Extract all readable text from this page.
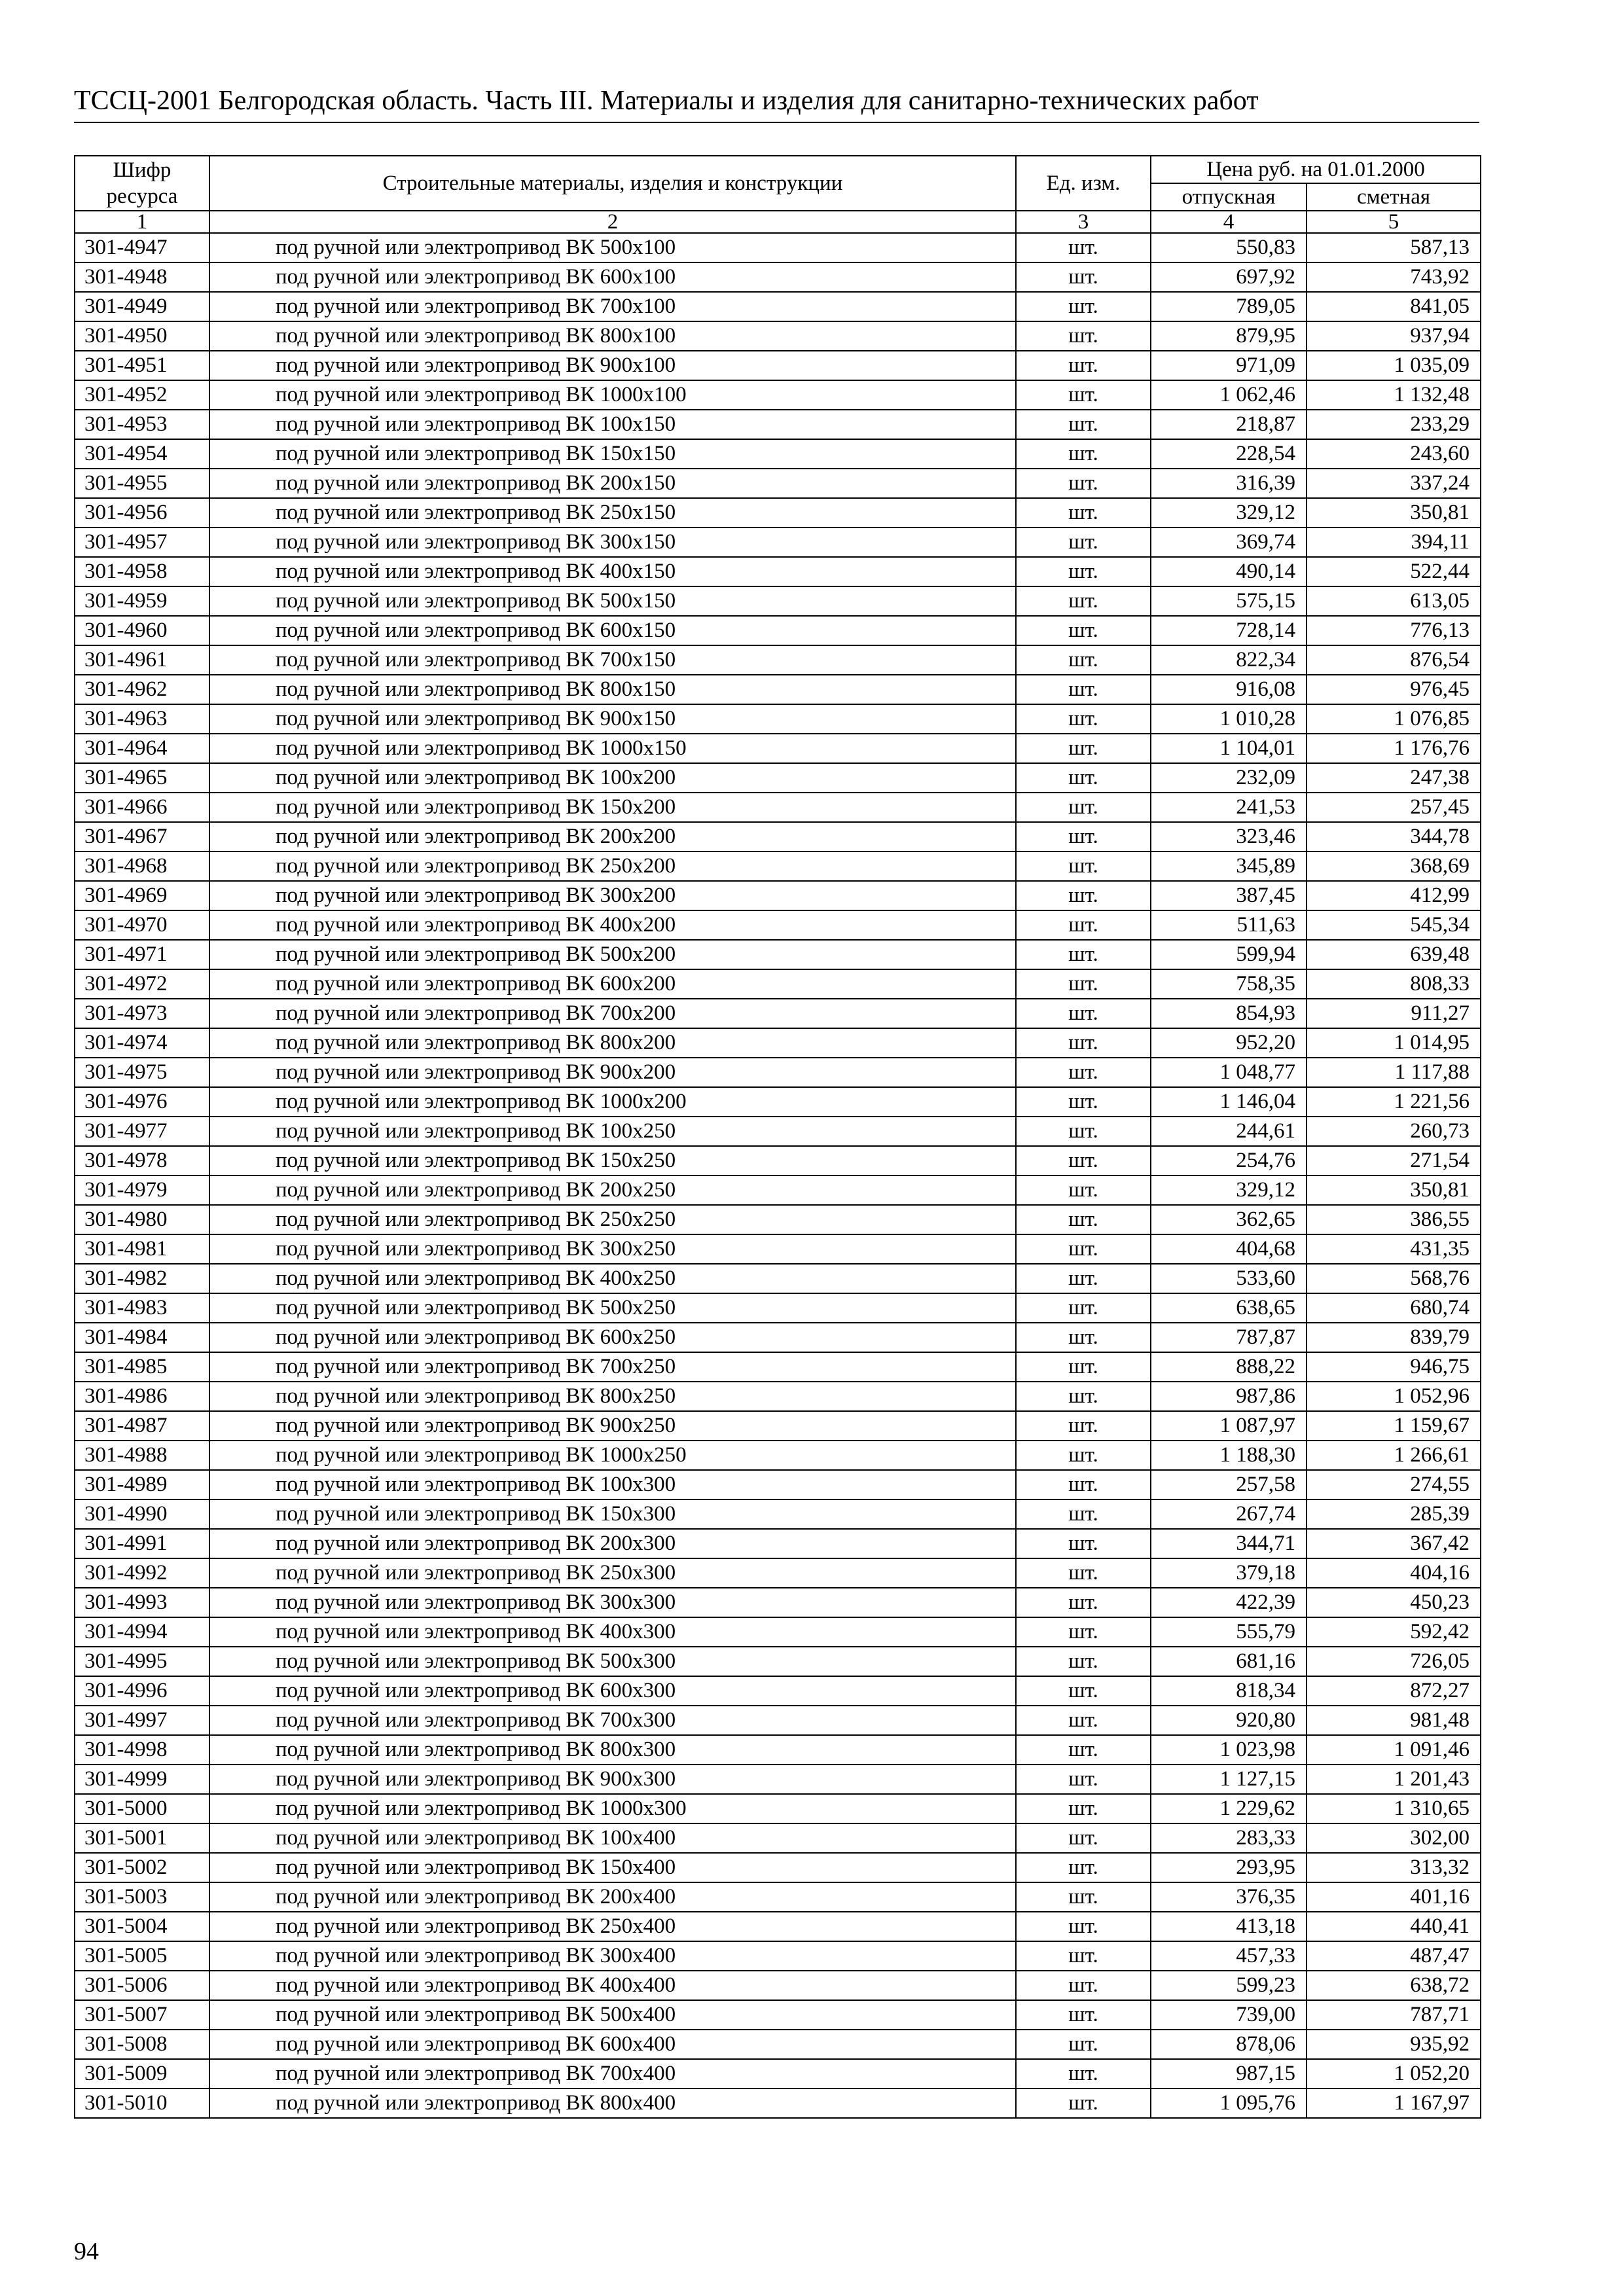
ТССЦ-2001 Белгородская область. Часть III. Материалы и изделия для санитарно-технических работ
Шифр ресурса	Строительные материалы, изделия и конструкции	Ед. изм.	Цена руб. на 01.01.2000	
			отпускная	сметная
1	2	3	4	5
301-4947	под ручной или электропривод ВК 500х100	шт.	550,83	587,13
301-4948	под ручной или электропривод ВК 600х100	шт.	697,92	743,92
301-4949	под ручной или электропривод ВК 700х100	шт.	789,05	841,05
301-4950	под ручной или электропривод ВК 800х100	шт.	879,95	937,94
301-4951	под ручной или электропривод ВК 900х100	шт.	971,09	1 035,09
301-4952	под ручной или электропривод ВК 1000х100	шт.	1 062,46	1 132,48
301-4953	под ручной или электропривод ВК 100х150	шт.	218,87	233,29
301-4954	под ручной или электропривод ВК 150х150	шт.	228,54	243,60
301-4955	под ручной или электропривод ВК 200х150	шт.	316,39	337,24
301-4956	под ручной или электропривод ВК 250х150	шт.	329,12	350,81
301-4957	под ручной или электропривод ВК 300х150	шт.	369,74	394,11
301-4958	под ручной или электропривод ВК 400х150	шт.	490,14	522,44
301-4959	под ручной или электропривод ВК 500х150	шт.	575,15	613,05
301-4960	под ручной или электропривод ВК 600х150	шт.	728,14	776,13
301-4961	под ручной или электропривод ВК 700х150	шт.	822,34	876,54
301-4962	под ручной или электропривод ВК 800х150	шт.	916,08	976,45
301-4963	под ручной или электропривод ВК 900х150	шт.	1 010,28	1 076,85
301-4964	под ручной или электропривод ВК 1000х150	шт.	1 104,01	1 176,76
301-4965	под ручной или электропривод ВК 100х200	шт.	232,09	247,38
301-4966	под ручной или электропривод ВК 150х200	шт.	241,53	257,45
301-4967	под ручной или электропривод ВК 200х200	шт.	323,46	344,78
301-4968	под ручной или электропривод ВК 250х200	шт.	345,89	368,69
301-4969	под ручной или электропривод ВК 300х200	шт.	387,45	412,99
301-4970	под ручной или электропривод ВК 400х200	шт.	511,63	545,34
301-4971	под ручной или электропривод ВК 500х200	шт.	599,94	639,48
301-4972	под ручной или электропривод ВК 600х200	шт.	758,35	808,33
301-4973	под ручной или электропривод ВК 700х200	шт.	854,93	911,27
301-4974	под ручной или электропривод ВК 800х200	шт.	952,20	1 014,95
301-4975	под ручной или электропривод ВК 900х200	шт.	1 048,77	1 117,88
301-4976	под ручной или электропривод ВК 1000х200	шт.	1 146,04	1 221,56
301-4977	под ручной или электропривод ВК 100х250	шт.	244,61	260,73
301-4978	под ручной или электропривод ВК 150х250	шт.	254,76	271,54
301-4979	под ручной или электропривод ВК 200х250	шт.	329,12	350,81
301-4980	под ручной или электропривод ВК 250х250	шт.	362,65	386,55
301-4981	под ручной или электропривод ВК 300х250	шт.	404,68	431,35
301-4982	под ручной или электропривод ВК 400х250	шт.	533,60	568,76
301-4983	под ручной или электропривод ВК 500х250	шт.	638,65	680,74
301-4984	под ручной или электропривод ВК 600х250	шт.	787,87	839,79
301-4985	под ручной или электропривод ВК 700х250	шт.	888,22	946,75
301-4986	под ручной или электропривод ВК 800х250	шт.	987,86	1 052,96
301-4987	под ручной или электропривод ВК 900х250	шт.	1 087,97	1 159,67
301-4988	под ручной или электропривод ВК 1000х250	шт.	1 188,30	1 266,61
301-4989	под ручной или электропривод ВК 100х300	шт.	257,58	274,55
301-4990	под ручной или электропривод ВК 150х300	шт.	267,74	285,39
301-4991	под ручной или электропривод ВК 200х300	шт.	344,71	367,42
301-4992	под ручной или электропривод ВК 250х300	шт.	379,18	404,16
301-4993	под ручной или электропривод ВК 300х300	шт.	422,39	450,23
301-4994	под ручной или электропривод ВК 400х300	шт.	555,79	592,42
301-4995	под ручной или электропривод ВК 500х300	шт.	681,16	726,05
301-4996	под ручной или электропривод ВК 600х300	шт.	818,34	872,27
301-4997	под ручной или электропривод ВК 700х300	шт.	920,80	981,48
301-4998	под ручной или электропривод ВК 800х300	шт.	1 023,98	1 091,46
301-4999	под ручной или электропривод ВК 900х300	шт.	1 127,15	1 201,43
301-5000	под ручной или электропривод ВК 1000х300	шт.	1 229,62	1 310,65
301-5001	под ручной или электропривод ВК 100х400	шт.	283,33	302,00
301-5002	под ручной или электропривод ВК 150х400	шт.	293,95	313,32
301-5003	под ручной или электропривод ВК 200х400	шт.	376,35	401,16
301-5004	под ручной или электропривод ВК 250х400	шт.	413,18	440,41
301-5005	под ручной или электропривод ВК 300х400	шт.	457,33	487,47
301-5006	под ручной или электропривод ВК 400х400	шт.	599,23	638,72
301-5007	под ручной или электропривод ВК 500х400	шт.	739,00	787,71
301-5008	под ручной или электропривод ВК 600х400	шт.	878,06	935,92
301-5009	под ручной или электропривод ВК 700х400	шт.	987,15	1 052,20
301-5010	под ручной или электропривод ВК 800х400	шт.	1 095,76	1 167,97
94
